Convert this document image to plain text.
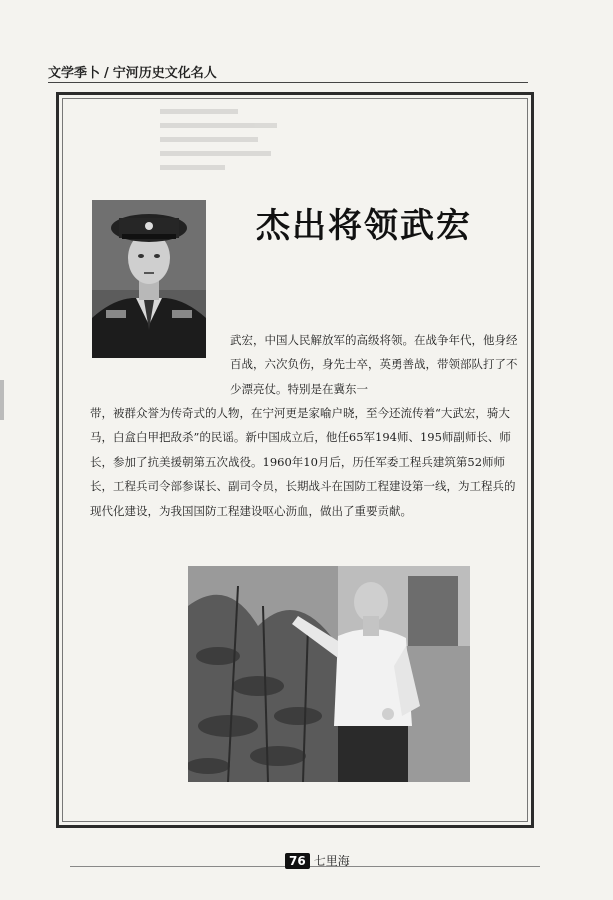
文学季卜 / 宁河历史文化名人
杰出将领武宏
武宏，中国人民解放军的高级将领。在战争年代，他身经百战，六次负伤，身先士卒，英勇善战，带领部队打了不少漂亮仗。特别是在冀东一
带，被群众誉为传奇式的人物，在宁河更是家喻户晓，至今还流传着“大武宏，骑大马，白盒白甲把敌杀”的民谣。新中国成立后，他任65军194师、195师副师长、师长，参加了抗美援朝第五次战役。1960年10月后，历任军委工程兵建筑第52师师长，工程兵司令部参谋长、副司令员，长期战斗在国防工程建设第一线，为工程兵的现代化建设，为我国国防工程建设呕心沥血，做出了重要贡献。
76 七里海
